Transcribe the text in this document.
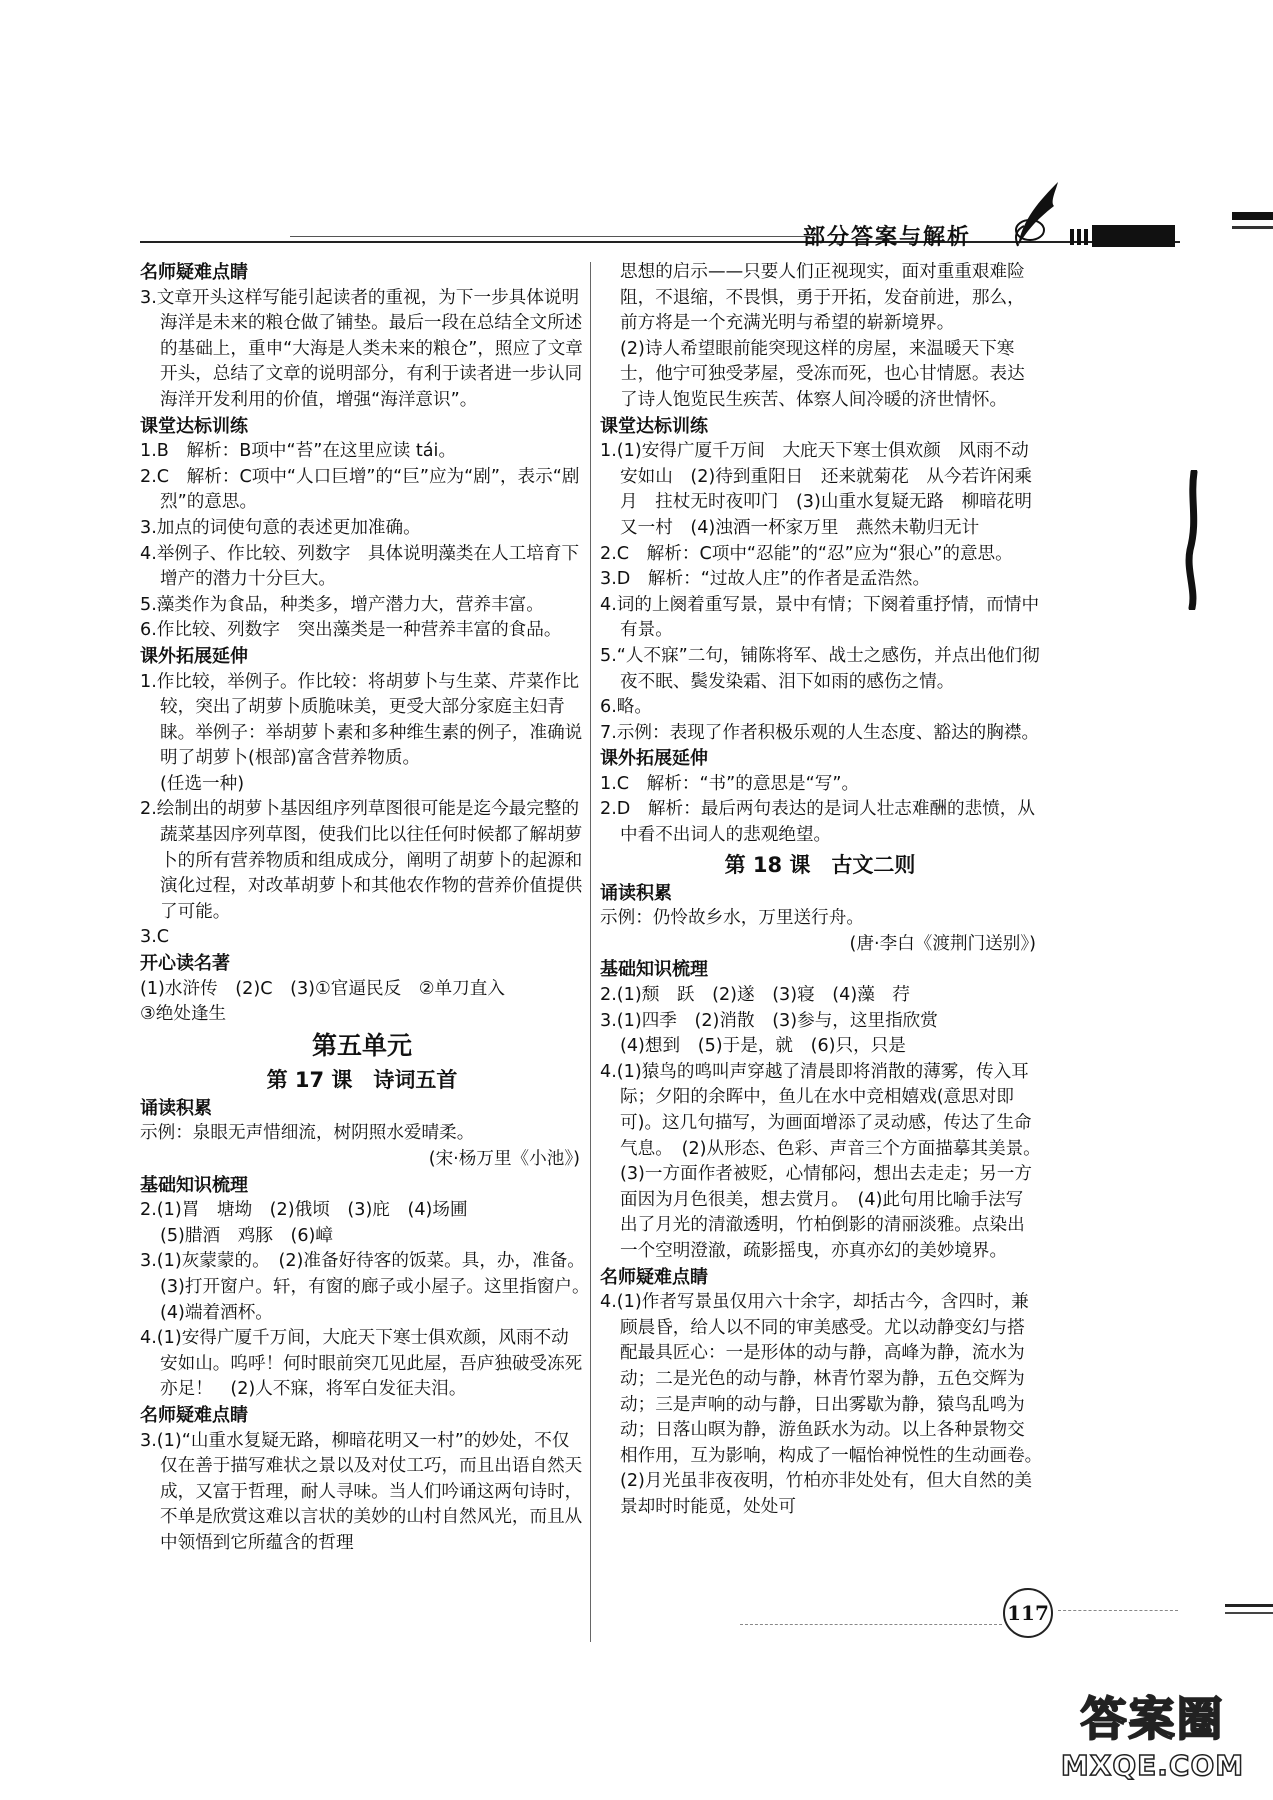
部分答案与解析

名师疑难点睛

3.文章开头这样写能引起读者的重视，为下一步具体说明海洋是未来的粮仓做了铺垫。最后一段在总结全文所述的基础上，重申“大海是人类未来的粮仓”，照应了文章开头，总结了文章的说明部分，有利于读者进一步认同海洋开发利用的价值，增强“海洋意识”。

课堂达标训练

1.B　解析：B项中“苔”在这里应读 tái。

2.C　解析：C项中“人口巨增”的“巨”应为“剧”，表示“剧烈”的意思。

3.加点的词使句意的表述更加准确。

4.举例子、作比较、列数字　具体说明藻类在人工培育下增产的潜力十分巨大。

5.藻类作为食品，种类多，增产潜力大，营养丰富。

6.作比较、列数字　突出藻类是一种营养丰富的食品。

课外拓展延伸

1.作比较，举例子。作比较：将胡萝卜与生菜、芹菜作比较，突出了胡萝卜质脆味美，更受大部分家庭主妇青睐。举例子：举胡萝卜素和多种维生素的例子，准确说明了胡萝卜(根部)富含营养物质。

(任选一种)

2.绘制出的胡萝卜基因组序列草图很可能是迄今最完整的蔬菜基因序列草图，使我们比以往任何时候都了解胡萝卜的所有营养物质和组成成分，阐明了胡萝卜的起源和演化过程，对改革胡萝卜和其他农作物的营养价值提供了可能。

3.C

开心读名著

(1)水浒传　(2)C　(3)①官逼民反　②单刀直入

③绝处逢生

第五单元

第 17 课　诗词五首

诵读积累

示例：泉眼无声惜细流，树阴照水爱晴柔。

(宋·杨万里《小池》)

基础知识梳理

2.(1)罥　塘坳　(2)俄顷　(3)庇　(4)场圃

(5)腊酒　鸡豚　(6)嶂

3.(1)灰蒙蒙的。　(2)准备好待客的饭菜。具，办，准备。　(3)打开窗户。轩，有窗的廊子或小屋子。这里指窗户。　(4)端着酒杯。

4.(1)安得广厦千万间，大庇天下寒士俱欢颜，风雨不动安如山。呜呼！何时眼前突兀见此屋，吾庐独破受冻死亦足！　(2)人不寐，将军白发征夫泪。

名师疑难点睛

3.(1)“山重水复疑无路，柳暗花明又一村”的妙处，不仅仅在善于描写难状之景以及对仗工巧，而且出语自然天成，又富于哲理，耐人寻味。当人们吟诵这两句诗时，不单是欣赏这难以言状的美妙的山村自然风光，而且从中领悟到它所蕴含的哲理

思想的启示——只要人们正视现实，面对重重艰难险阻，不退缩，不畏惧，勇于开拓，发奋前进，那么，前方将是一个充满光明与希望的崭新境界。

(2)诗人希望眼前能突现这样的房屋，来温暖天下寒士，他宁可独受茅屋，受冻而死，也心甘情愿。表达了诗人饱览民生疾苦、体察人间冷暖的济世情怀。

课堂达标训练

1.(1)安得广厦千万间　大庇天下寒士俱欢颜　风雨不动安如山　(2)待到重阳日　还来就菊花　从今若许闲乘月　拄杖无时夜叩门　(3)山重水复疑无路　柳暗花明又一村　(4)浊酒一杯家万里　燕然未勒归无计

2.C　解析：C项中“忍能”的“忍”应为“狠心”的意思。

3.D　解析：“过故人庄”的作者是孟浩然。

4.词的上阕着重写景，景中有情；下阕着重抒情，而情中有景。

5.“人不寐”二句，铺陈将军、战士之感伤，并点出他们彻夜不眠、鬓发染霜、泪下如雨的感伤之情。

6.略。

7.示例：表现了作者积极乐观的人生态度、豁达的胸襟。

课外拓展延伸

1.C　解析：“书”的意思是“写”。

2.D　解析：最后两句表达的是词人壮志难酬的悲愤，从中看不出词人的悲观绝望。

第 18 课　古文二则

诵读积累

示例：仍怜故乡水，万里送行舟。

(唐·李白《渡荆门送别》)

基础知识梳理

2.(1)颓　跃　(2)遂　(3)寝　(4)藻　荇

3.(1)四季　(2)消散　(3)参与，这里指欣赏

(4)想到　(5)于是，就　(6)只，只是

4.(1)猿鸟的鸣叫声穿越了清晨即将消散的薄雾，传入耳际；夕阳的余晖中，鱼儿在水中竞相嬉戏(意思对即可)。这几句描写，为画面增添了灵动感，传达了生命气息。　(2)从形态、色彩、声音三个方面描摹其美景。　(3)一方面作者被贬，心情郁闷，想出去走走；另一方面因为月色很美，想去赏月。　(4)此句用比喻手法写出了月光的清澈透明，竹柏倒影的清丽淡雅。点染出一个空明澄澈，疏影摇曳，亦真亦幻的美妙境界。

名师疑难点睛

4.(1)作者写景虽仅用六十余字，却括古今，含四时，兼顾晨昏，给人以不同的审美感受。尤以动静变幻与搭配最具匠心：一是形体的动与静，高峰为静，流水为动；二是光色的动与静，林青竹翠为静，五色交辉为动；三是声响的动与静，日出雾歇为静，猿鸟乱鸣为动；日落山暝为静，游鱼跃水为动。以上各种景物交相作用，互为影响，构成了一幅怡神悦性的生动画卷。　(2)月光虽非夜夜明，竹柏亦非处处有，但大自然的美景却时时能觅，处处可

117
答案圈
MXQE.COM
